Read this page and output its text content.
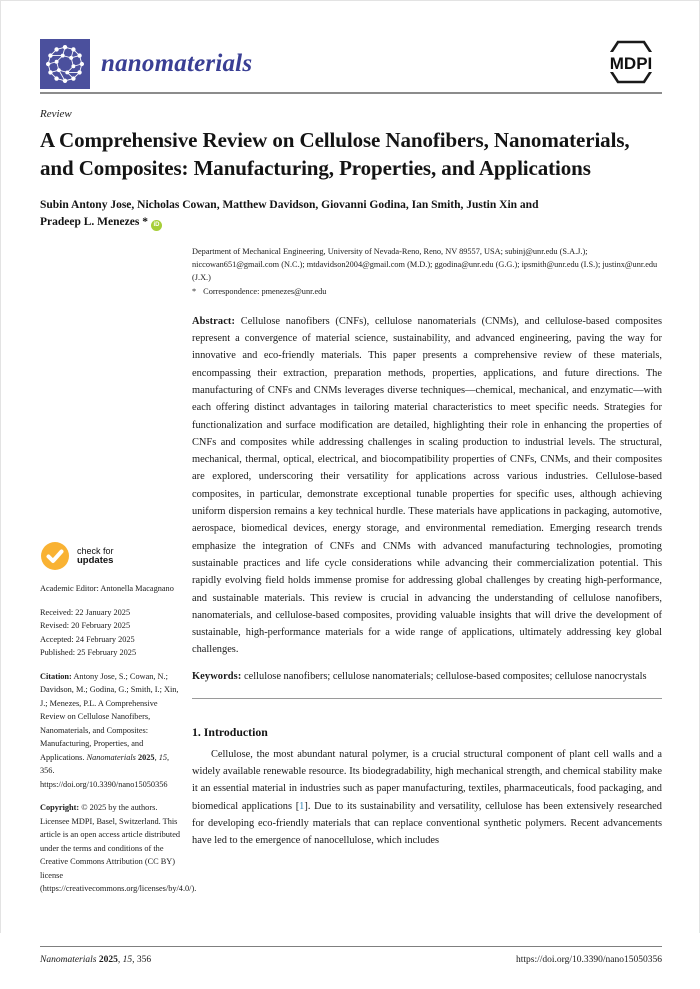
nanomaterials	MDPI
Review
A Comprehensive Review on Cellulose Nanofibers, Nanomaterials, and Composites: Manufacturing, Properties, and Applications
Subin Antony Jose, Nicholas Cowan, Matthew Davidson, Giovanni Godina, Ian Smith, Justin Xin and
Pradeep L. Menezes * iD
check for
updates
Academic Editor: Antonella Macagnano
Received: 22 January 2025
Revised: 20 February 2025
Accepted: 24 February 2025
Published: 25 February 2025
Citation: Antony Jose, S.; Cowan, N.; Davidson, M.; Godina, G.; Smith, I.; Xin, J.; Menezes, P.L. A Comprehensive Review on Cellulose Nanofibers, Nanomaterials, and Composites: Manufacturing, Properties, and Applications. Nanomaterials 2025, 15, 356. https://doi.org/10.3390/nano15050356
Copyright: © 2025 by the authors. Licensee MDPI, Basel, Switzerland. This article is an open access article distributed under the terms and conditions of the Creative Commons Attribution (CC BY) license (https://creativecommons.org/licenses/by/4.0/).
Department of Mechanical Engineering, University of Nevada-Reno, Reno, NV 89557, USA; subinj@unr.edu (S.A.J.); niccowan651@gmail.com (N.C.); mtdavidson2004@gmail.com (M.D.); ggodina@unr.edu (G.G.); ipsmith@unr.edu (I.S.); justinx@unr.edu (J.X.)
* Correspondence: pmenezes@unr.edu

Abstract: Cellulose nanofibers (CNFs), cellulose nanomaterials (CNMs), and cellulose-based composites represent a convergence of material science, sustainability, and advanced engineering, paving the way for innovative and eco-friendly materials. This paper presents a comprehensive review of these materials, encompassing their extraction, preparation methods, properties, applications, and future directions. The manufacturing of CNFs and CNMs leverages diverse techniques—chemical, mechanical, and enzymatic—with each offering distinct advantages in tailoring material characteristics to meet specific needs. Strategies for functionalization and surface modification are detailed, highlighting their role in enhancing the properties of CNFs and composites while addressing challenges in scaling production to industrial levels. The structural, mechanical, thermal, optical, electrical, and biocompatibility properties of CNFs, CNMs, and their composites are explored, underscoring their versatility for applications across various industries. Cellulose-based composites, in particular, demonstrate exceptional tunable properties for specific uses, although achieving uniform dispersion remains a key technical hurdle. These materials have applications in packaging, automotive, aerospace, biomedical devices, energy storage, and environmental remediation. Emerging research trends emphasize the integration of CNFs and CNMs with advanced manufacturing technologies, promoting sustainable practices and life cycle considerations while advancing their commercialization potential. This rapidly evolving field holds immense promise for addressing global challenges by creating high-performance, and sustainable materials. This review is crucial in advancing the understanding of cellulose nanofibers, nanomaterials, and cellulose-based composites, providing valuable insights that will drive the development of sustainable, high-performance materials for a wide range of applications, ultimately addressing key global challenges.

Keywords: cellulose nanofibers; cellulose nanomaterials; cellulose-based composites; cellulose nanocrystals

1. Introduction

Cellulose, the most abundant natural polymer, is a crucial structural component of plant cell walls and a widely available renewable resource. Its biodegradability, high mechanical strength, and chemical stability make it an essential material in industries such as paper manufacturing, textiles, pharmaceuticals, food packaging, and biomedical applications [1]. Due to its sustainability and versatility, cellulose has been extensively researched for developing eco-friendly materials that can replace conventional synthetic polymers. Recent advancements have led to the emergence of nanocellulose, which includes

Nanomaterials 2025, 15, 356	https://doi.org/10.3390/nano15050356
